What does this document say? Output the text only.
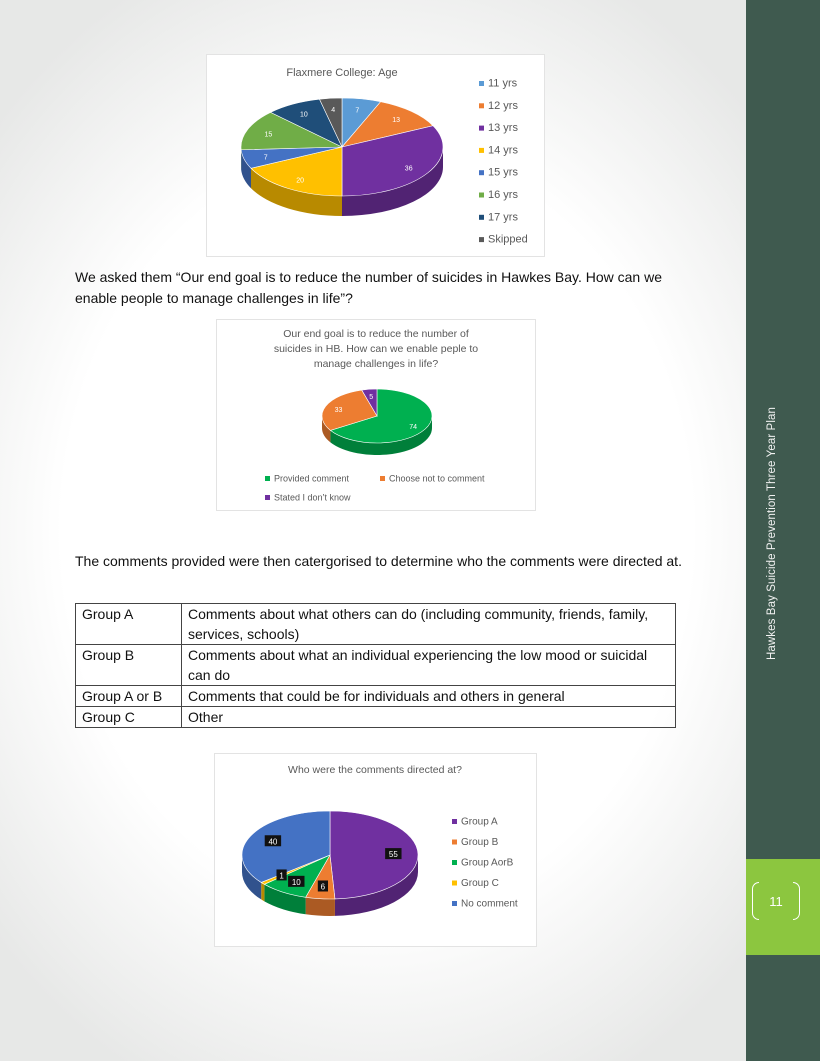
Hawkes Bay Suicide Prevention Three Year Plan
11
7
13
36
20
7
15
10
4
Flaxmere College: Age
11 yrs
12 yrs
13 yrs
14 yrs
15 yrs
16 yrs
17 yrs
Skipped
We asked them “Our end goal is to reduce the number of suicides in Hawkes Bay. How can we enable people to manage challenges in life”?
74
33
5
Our end goal is to reduce the number of
suicides in HB. How can we enable peple to
manage challenges in life?
Provided comment	Choose not to comment
Stated I don’t know
The comments provided were then catergorised to determine who the comments were directed at.
Group A	Comments about what others can do (including community, friends, family, services, schools)
Group B	Comments about what an individual experiencing the low mood or suicidal can do
Group A or B	Comments that could be for individuals and others in general
Group C	Other
55
6
10
1
40
Who were the comments directed at?
Group A
Group B
Group AorB
Group C
No comment
